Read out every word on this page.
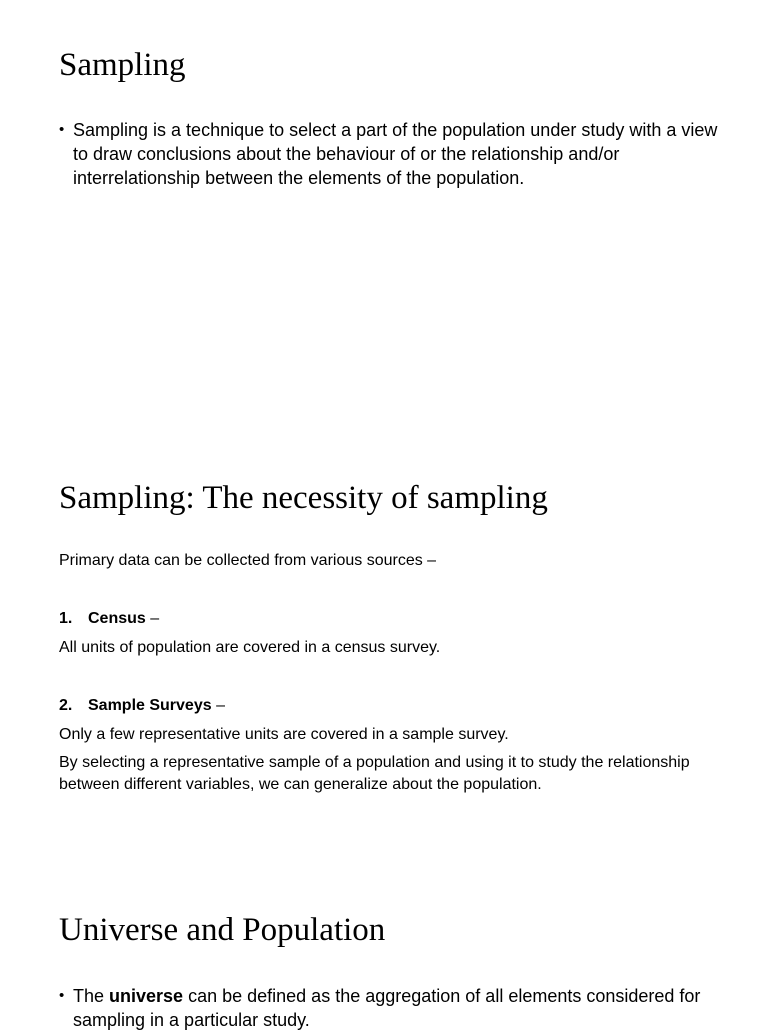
Sampling
• Sampling is a technique to select a part of the population under study with a view to draw conclusions about the behaviour of or the relationship and/or interrelationship between the elements of the population.
Sampling: The necessity of sampling

Primary data can be collected from various sources –

1. Census –

All units of population are covered in a census survey.

2. Sample Surveys –

Only a few representative units are covered in a sample survey.

By selecting a representative sample of a population and using it to study the relationship between different variables, we can generalize about the population.

Universe and Population
• The universe can be defined as the aggregation of all elements considered for sampling in a particular study.
